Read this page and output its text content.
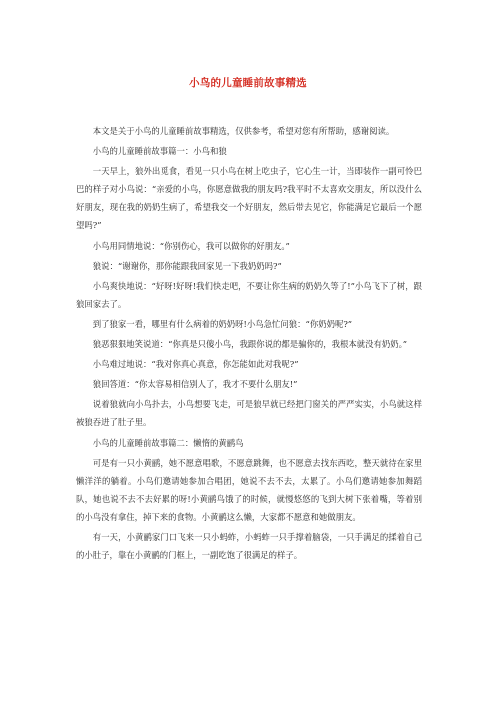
小鸟的儿童睡前故事精选

本文是关于小鸟的儿童睡前故事精选，仅供参考，希望对您有所帮助，感谢阅读。

小鸟的儿童睡前故事篇一：小鸟和狼

一天早上，狼外出觅食，看见一只小鸟在树上吃虫子，它心生一计，当即装作一副可怜巴巴的样子对小鸟说：“亲爱的小鸟，你愿意做我的朋友吗?我平时不太喜欢交朋友，所以没什么好朋友，现在我的奶奶生病了，希望我交一个好朋友，然后带去见它，你能满足它最后一个愿望吗?”

小鸟用同情地说：“你别伤心，我可以做你的好朋友。”

狼说：“谢谢你，那你能跟我回家见一下我奶奶吗?”

小鸟爽快地说：“好呀!好呀!我们快走吧，不要让你生病的奶奶久等了!”小鸟飞下了树，跟狼回家去了。

到了狼家一看，哪里有什么病着的奶奶呀!小鸟急忙问狼：“你奶奶呢?”

狼恶狠狠地笑说道：“你真是只傻小鸟，我跟你说的都是骗你的，我根本就没有奶奶。”

小鸟难过地说：“我对你真心真意，你怎能如此对我呢?”

狼回答道：“你太容易相信别人了，我才不要什么朋友!”

说着狼就向小鸟扑去，小鸟想要飞走，可是狼早就已经把门窗关的严严实实，小鸟就这样被狼吞进了肚子里。

小鸟的儿童睡前故事篇二：懒惰的黄鹂鸟

可是有一只小黄鹂，她不愿意唱歌，不愿意跳舞，也不愿意去找东西吃，整天就待在家里懒洋洋的躺着。小鸟们邀请她参加合唱团，她说不去不去，太累了。小鸟们邀请她参加舞蹈队，她也说不去不去好累的呀!小黄鹂鸟饿了的时候，就慢悠悠的飞到大树下张着嘴，等着别的小鸟没有拿住，掉下来的食物。小黄鹂这么懒，大家都不愿意和她做朋友。

有一天，小黄鹂家门口飞来一只小蚂蚱，小蚂蚱一只手撑着脑袋，一只手满足的揉着自己的小肚子，靠在小黄鹂的门框上，一副吃饱了很满足的样子。
